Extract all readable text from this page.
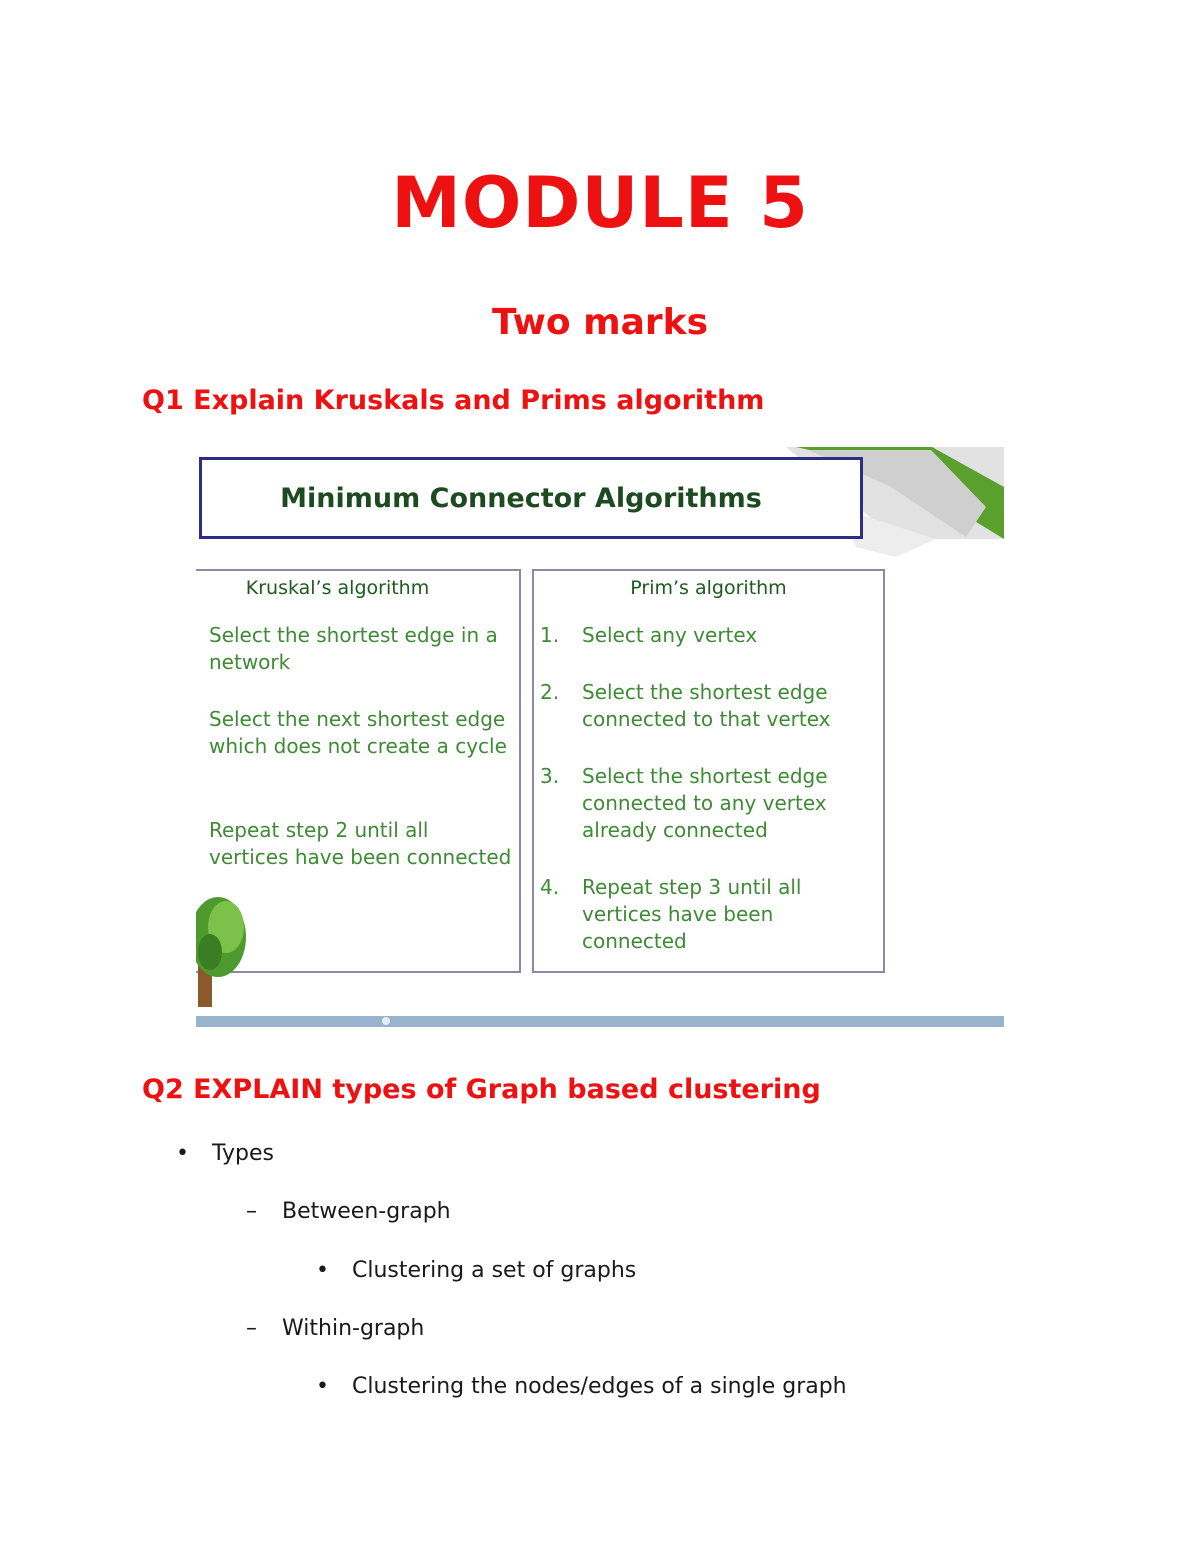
MODULE 5
Two marks
Q1 Explain Kruskals and Prims algorithm
Minimum Connector Algorithms
Kruskal’s algorithm
Select the shortest edge in a network
Select the next shortest edge which does not create a cycle
Repeat step 2 until all vertices have been connected
Prim’s algorithm
1. Select any vertex
2. Select the shortest edge connected to that vertex
3. Select the shortest edge connected to any vertex already connected
4. Repeat step 3 until all vertices have been connected
Q2 EXPLAIN types of Graph based clustering
• Types
– Between-graph
• Clustering a set of graphs
– Within-graph
• Clustering the nodes/edges of a single graph
